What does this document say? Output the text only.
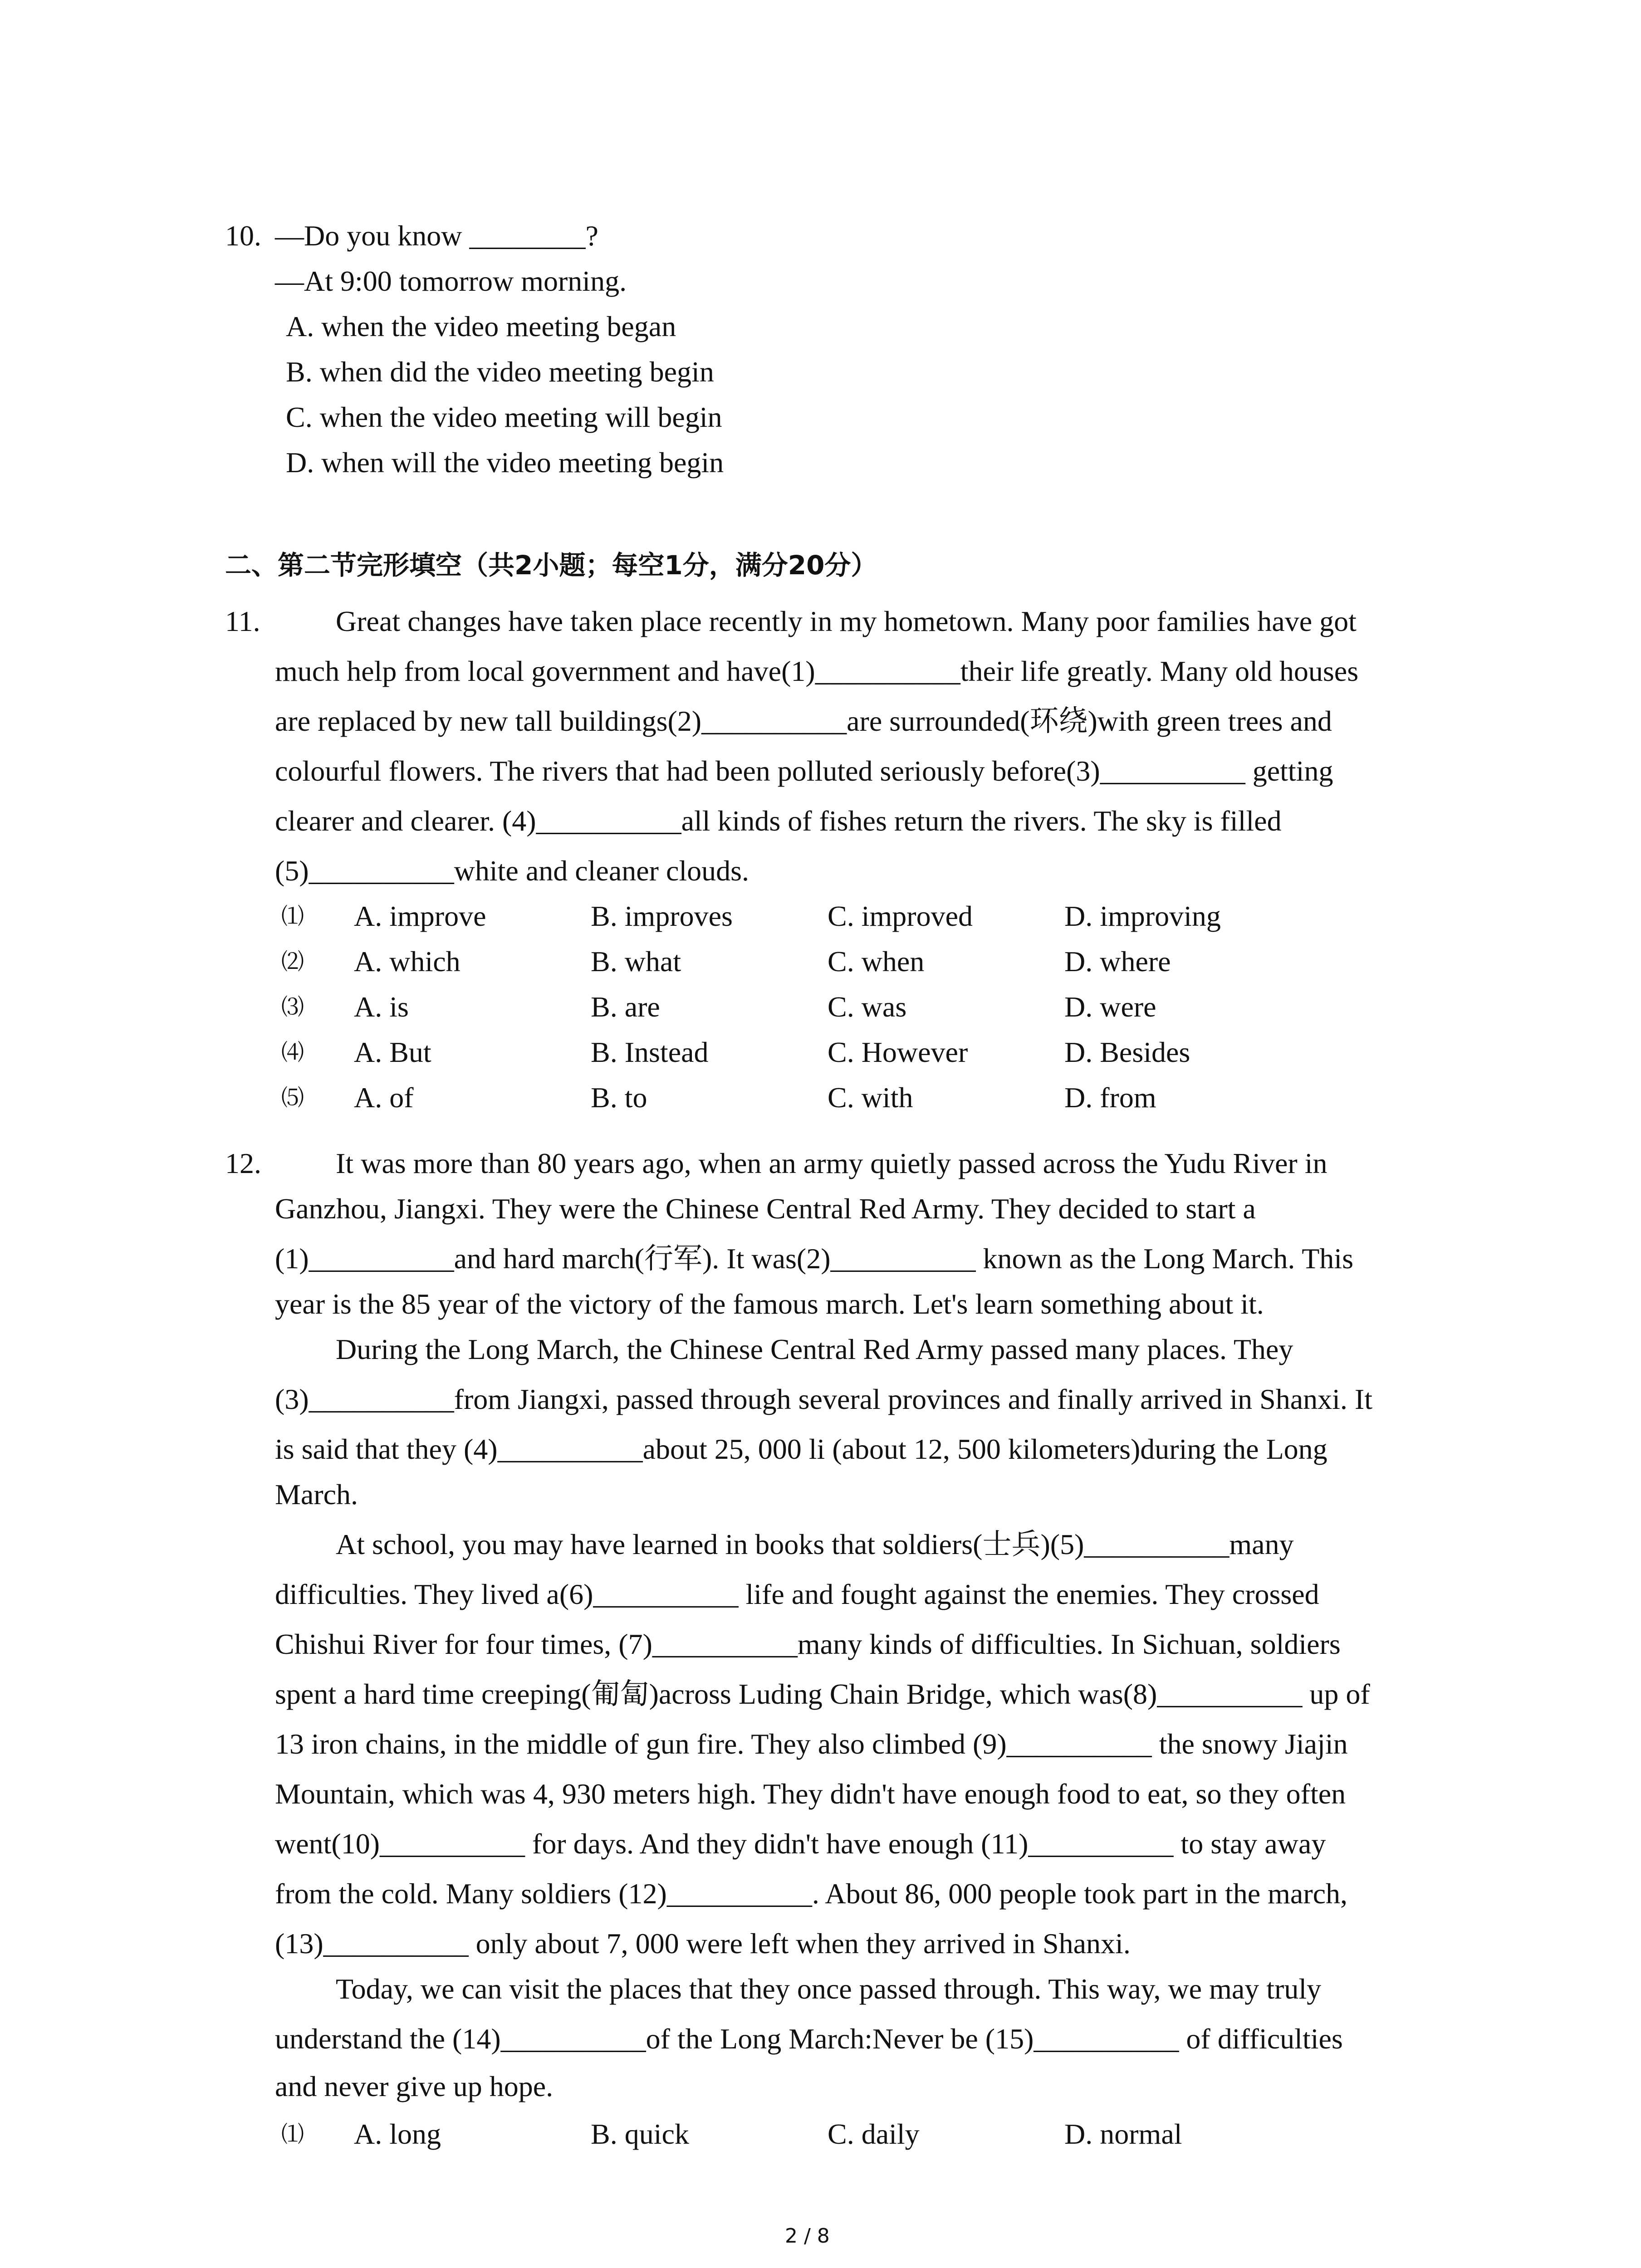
10. —Do you know ________?
—At 9:00 tomorrow morning.
A. when the video meeting began
B. when did the video meeting begin
C. when the video meeting will begin
D. when will the video meeting begin
二、第二节完形填空（共2小题；每空1分，满分20分）
11.	Great changes have taken place recently in my hometown. Many poor families have got
much help from local government and have(1)__________their life greatly. Many old houses
are replaced by new tall buildings(2)__________are surrounded(环绕)with green trees and
colourful flowers. The rivers that had been polluted seriously before(3)__________ getting
clearer and clearer. (4)__________all kinds of fishes return the rivers. The sky is filled
(5)__________white and cleaner clouds.
⑴ A. improve	B. improves	C. improved	D. improving
⑵ A. which	B. what	C. when	D. where
⑶ A. is	B. are	C. was	D. were
⑷ A. But	B. Instead	C. However	D. Besides
⑸ A. of	B. to	C. with	D. from
12.	It was more than 80 years ago, when an army quietly passed across the Yudu River in
Ganzhou, Jiangxi. They were the Chinese Central Red Army. They decided to start a
(1)__________and hard march(行军). It was(2)__________ known as the Long March. This
year is the 85 year of the victory of the famous march. Let's learn something about it.
During the Long March, the Chinese Central Red Army passed many places. They
(3)__________from Jiangxi, passed through several provinces and finally arrived in Shanxi. It
is said that they (4)__________about 25, 000 li (about 12, 500 kilometers)during the Long
March.
At school, you may have learned in books that soldiers(士兵)(5)__________many
difficulties. They lived a(6)__________ life and fought against the enemies. They crossed
Chishui River for four times, (7)__________many kinds of difficulties. In Sichuan, soldiers
spent a hard time creeping(匍匐)across Luding Chain Bridge, which was(8)__________ up of
13 iron chains, in the middle of gun fire. They also climbed (9)__________ the snowy Jiajin
Mountain, which was 4, 930 meters high. They didn't have enough food to eat, so they often
went(10)__________ for days. And they didn't have enough (11)__________ to stay away
from the cold. Many soldiers (12)__________. About 86, 000 people took part in the march,
(13)__________ only about 7, 000 were left when they arrived in Shanxi.
Today, we can visit the places that they once passed through. This way, we may truly
understand the (14)__________of the Long March:Never be (15)__________ of difficulties
and never give up hope.
⑴ A. long	B. quick	C. daily	D. normal
2 / 8
